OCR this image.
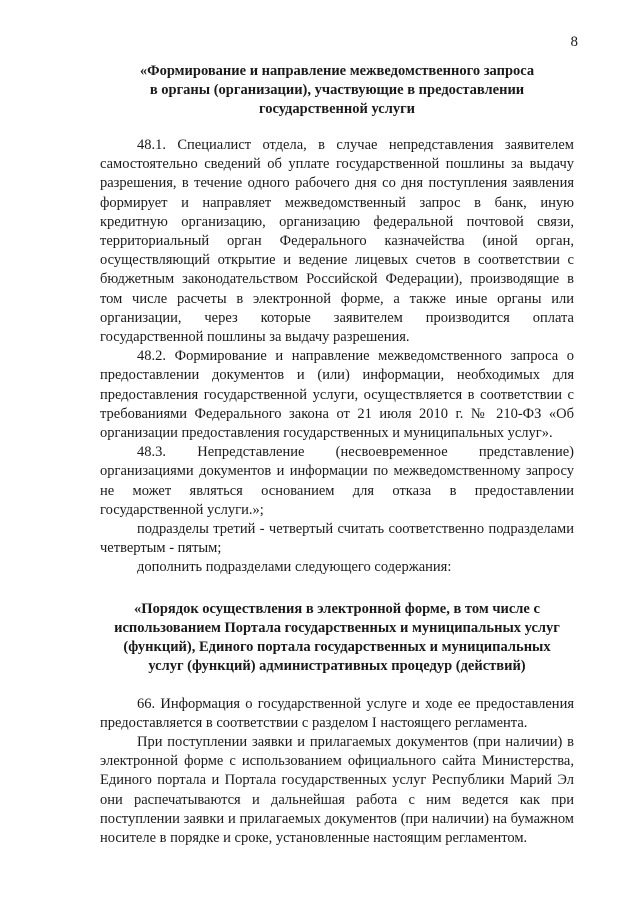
8
«Формирование и направление межведомственного запроса
в органы (организации), участвующие в предоставлении
государственной услуги

48.1. Специалист отдела, в случае непредставления заявителем самостоятельно сведений об уплате государственной пошлины за выдачу разрешения, в течение одного рабочего дня со дня поступления заявления формирует и направляет межведомственный запрос в банк, иную кредитную организацию, организацию федеральной почтовой связи, территориальный орган Федерального казначейства (иной орган, осуществляющий открытие и ведение лицевых счетов в соответствии с бюджетным законодательством Российской Федерации), производящие в том числе расчеты в электронной форме, а также иные органы или организации, через которые заявителем производится оплата государственной пошлины за выдачу разрешения.

48.2. Формирование и направление межведомственного запроса о предоставлении документов и (или) информации, необходимых для предоставления государственной услуги, осуществляется в соответствии с требованиями Федерального закона от 21 июля 2010 г. № 210-ФЗ «Об организации предоставления государственных и муниципальных услуг».

48.3. Непредставление (несвоевременное представление) организациями документов и информации по межведомственному запросу не может являться основанием для отказа в предоставлении государственной услуги.»;

подразделы третий - четвертый считать соответственно подразделами четвертым - пятым;

дополнить подразделами следующего содержания:

«Порядок осуществления в электронной форме, в том числе с
использованием Портала государственных и муниципальных услуг
(функций), Единого портала государственных и муниципальных
услуг (функций) административных процедур (действий)

66. Информация о государственной услуге и ходе ее предоставления предоставляется в соответствии с разделом I настоящего регламента.

При поступлении заявки и прилагаемых документов (при наличии) в электронной форме с использованием официального сайта Министерства, Единого портала и Портала государственных услуг Республики Марий Эл они распечатываются и дальнейшая работа с ним ведется как при поступлении заявки и прилагаемых документов (при наличии) на бумажном носителе в порядке и сроке, установленные настоящим регламентом.
